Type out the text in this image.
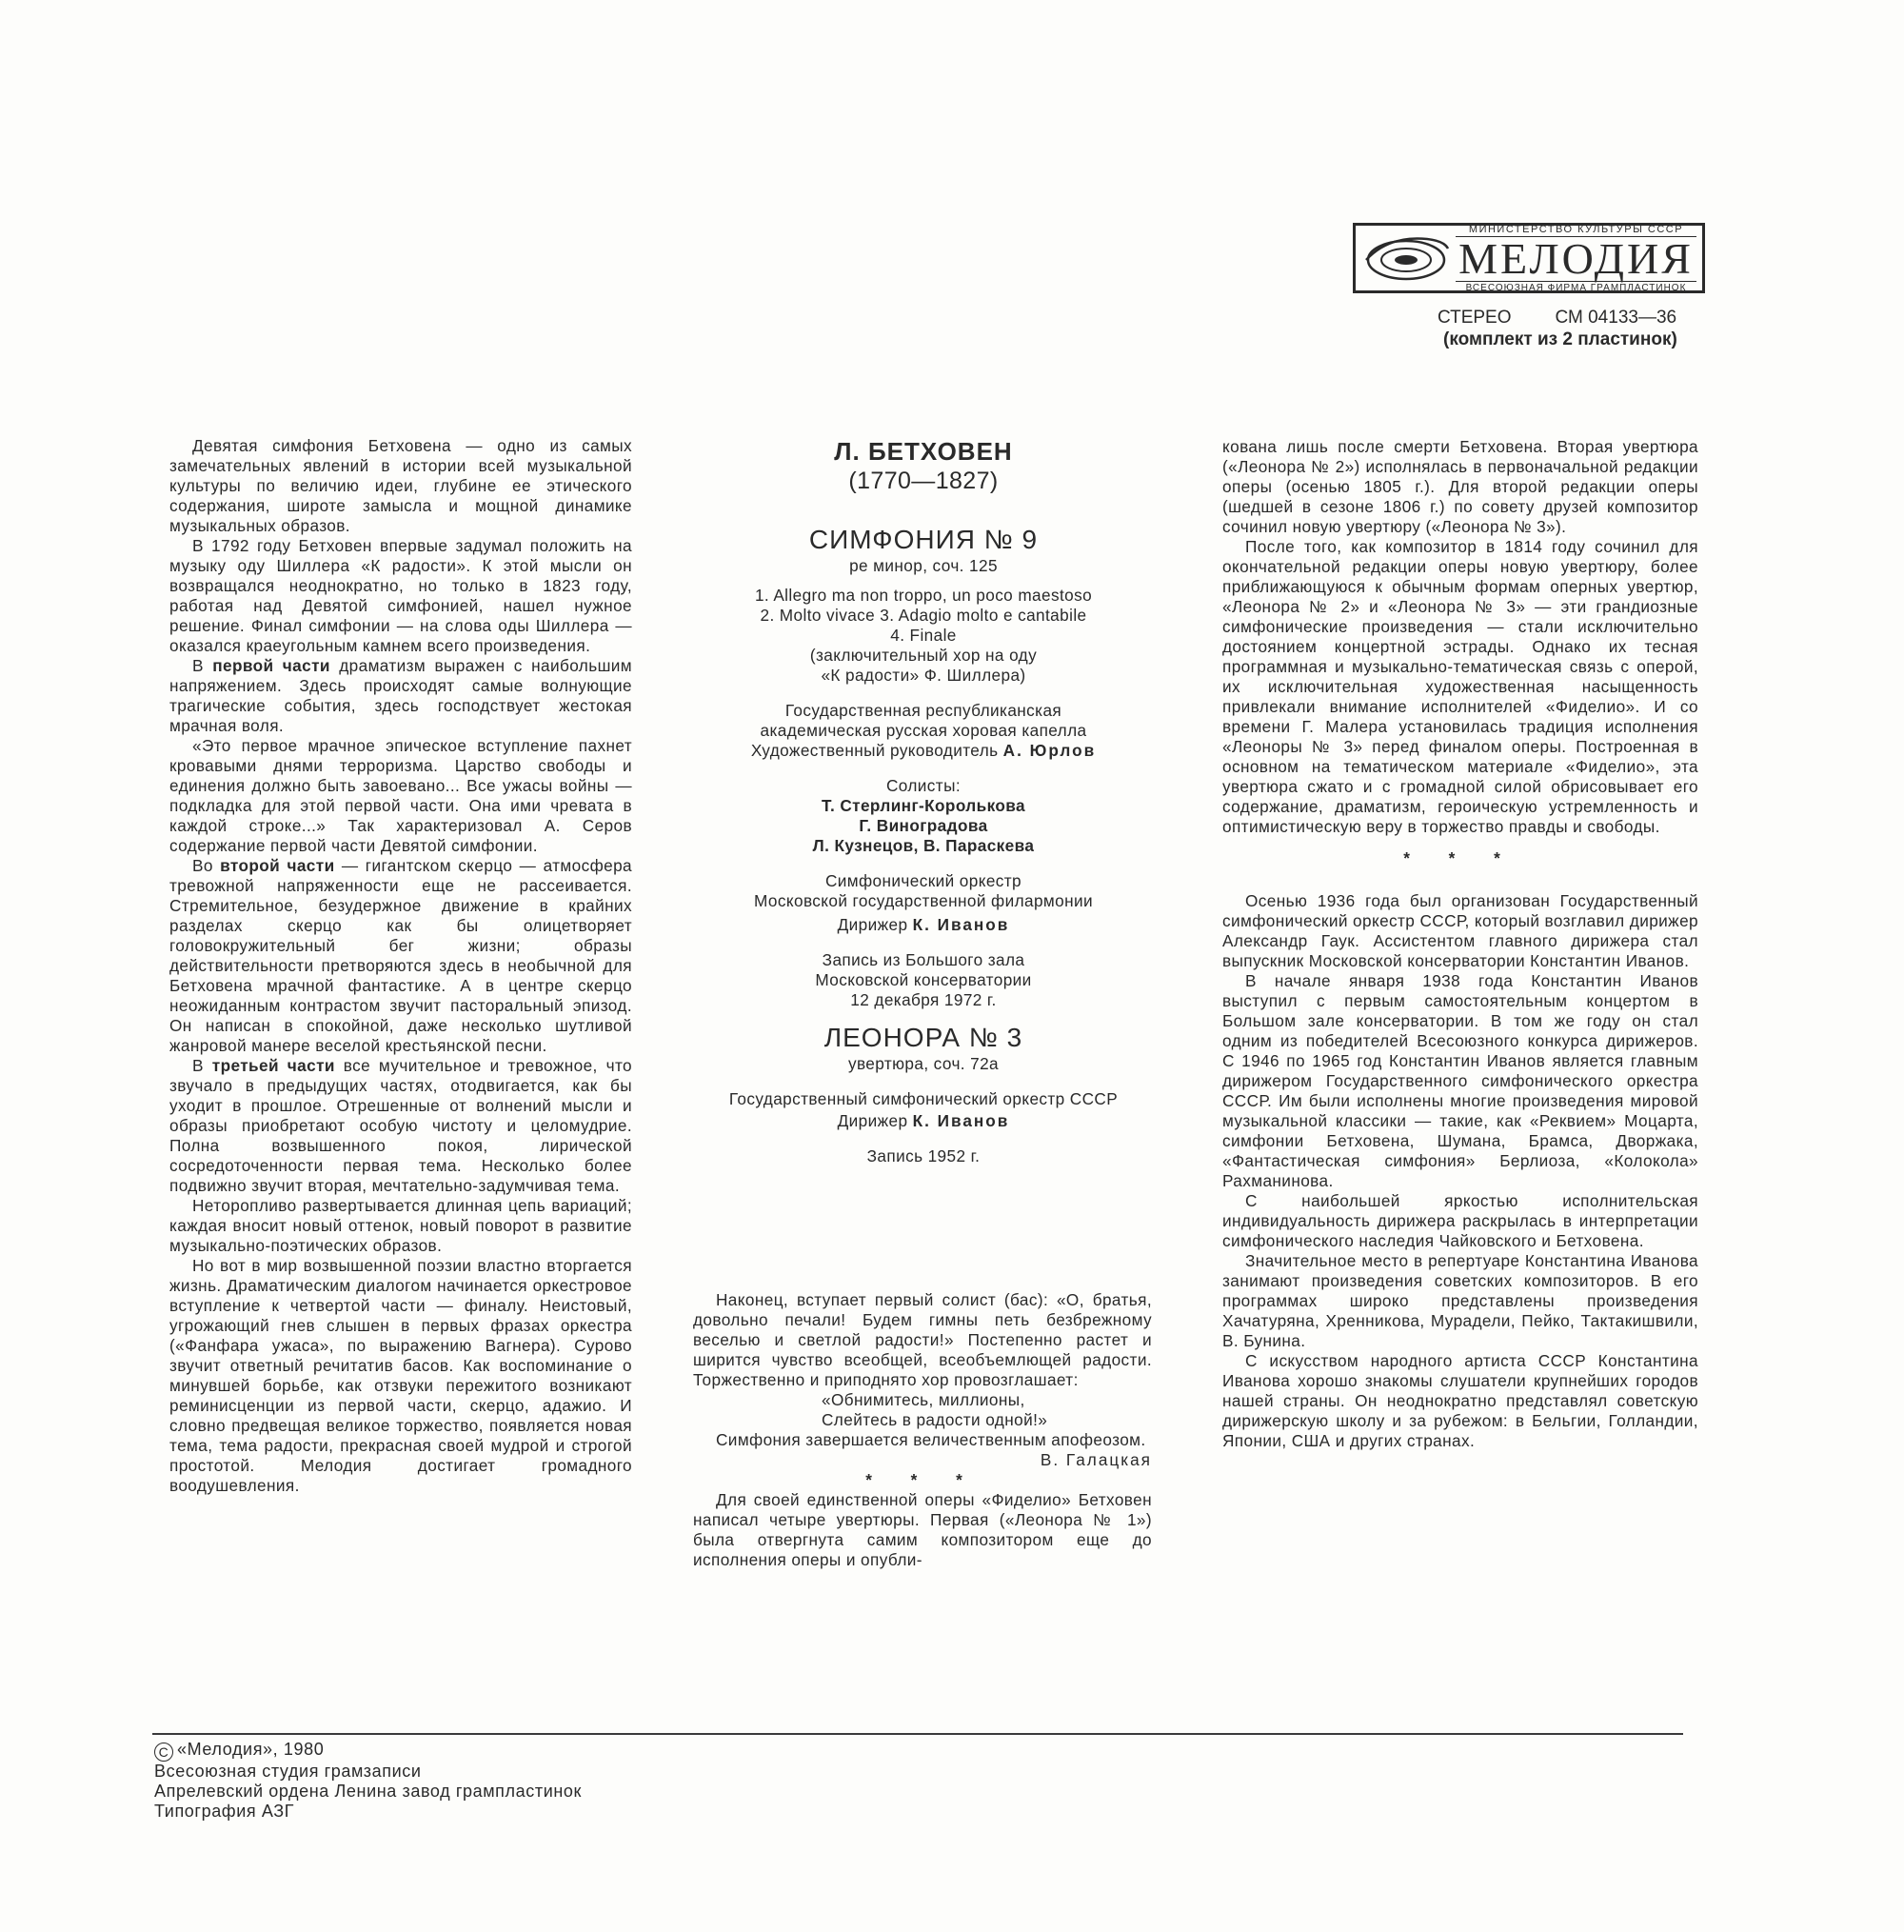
МИНИСТЕРСТВО КУЛЬТУРЫ СССР
МЕЛОДИЯ
ВСЕСОЮЗНАЯ ФИРМА ГРАМПЛАСТИНОК
СТЕРЕО СМ 04133—36
(комплект из 2 пластинок)

Девятая симфония Бетховена — одно из самых замечательных явлений в истории всей музыкальной культуры по величию идеи, глубине ее этического содержания, широте замысла и мощной динамике музыкальных образов.

В 1792 году Бетховен впервые задумал положить на музыку оду Шиллера «К радости». К этой мысли он возвращался неоднократно, но только в 1823 году, работая над Девятой симфонией, нашел нужное решение. Финал симфонии — на слова оды Шиллера — оказался краеугольным камнем всего произведения.

В первой части драматизм выражен с наибольшим напряжением. Здесь происходят самые волнующие трагические события, здесь господствует жестокая мрачная воля.

«Это первое мрачное эпическое вступление пахнет кровавыми днями терроризма. Царство свободы и единения должно быть завоевано... Все ужасы войны — подкладка для этой первой части. Она ими чревата в каждой строке...» Так характеризовал А. Серов содержание первой части Девятой симфонии.

Во второй части — гигантском скерцо — атмосфера тревожной напряженности еще не рассеивается. Стремительное, безудержное движение в крайних разделах скерцо как бы олицетворяет головокружительный бег жизни; образы действительности претворяются здесь в необычной для Бетховена мрачной фантастике. А в центре скерцо неожиданным контрастом звучит пасторальный эпизод. Он написан в спокойной, даже несколько шутливой жанровой манере веселой крестьянской песни.

В третьей части все мучительное и тревожное, что звучало в предыдущих частях, отодвигается, как бы уходит в прошлое. Отрешенные от волнений мысли и образы приобретают особую чистоту и целомудрие. Полна возвышенного покоя, лирической сосредоточенности первая тема. Несколько более подвижно звучит вторая, мечтательно-задумчивая тема.

Неторопливо развертывается длинная цепь вариаций; каждая вносит новый оттенок, новый поворот в развитие музыкально-поэтических образов.

Но вот в мир возвышенной поэзии властно вторгается жизнь. Драматическим диалогом начинается оркестровое вступление к четвертой части — финалу. Неистовый, угрожающий гнев слышен в первых фразах оркестра («Фанфара ужаса», по выражению Вагнера). Сурово звучит ответный речитатив басов. Как воспоминание о минувшей борьбе, как отзвуки пережитого возникают реминисценции из первой части, скерцо, адажио. И словно предвещая великое торжество, появляется новая тема, тема радости, прекрасная своей мудрой и строгой простотой. Мелодия достигает громадного воодушевления.

Л. БЕТХОВЕН
(1770—1827)
СИМФОНИЯ № 9
ре минор, соч. 125
1. Allegro ma non troppo, un poco maestoso
2. Molto vivace 3. Adagio molto e cantabile
4. Finale
(заключительный хор на оду
«К радости» Ф. Шиллера)
Государственная республиканская
академическая русская хоровая капелла
Художественный руководитель А. Юрлов
Солисты:
Т. Стерлинг-Королькова
Г. Виноградова
Л. Кузнецов, В. Параскева
Симфонический оркестр
Московской государственной филармонии
Дирижер К. Иванов
Запись из Большого зала
Московской консерватории
12 декабря 1972 г.
ЛЕОНОРА № 3
увертюра, соч. 72а
Государственный симфонический оркестр СССР
Дирижер К. Иванов
Запись 1952 г.

Наконец, вступает первый солист (бас): «О, братья, довольно печали! Будем гимны петь безбрежному веселью и светлой радости!» Постепенно растет и ширится чувство всеобщей, всеобъемлющей радости. Торжественно и приподнято хор провозглашает:

«Обнимитесь, миллионы,

Слейтесь в радости одной!»

Симфония завершается величественным апофеозом.

В. Галацкая

* * *

Для своей единственной оперы «Фиделио» Бетховен написал четыре увертюры. Первая («Леонора № 1») была отвергнута самим композитором еще до исполнения оперы и опубли-

кована лишь после смерти Бетховена. Вторая увертюра («Леонора № 2») исполнялась в первоначальной редакции оперы (осенью 1805 г.). Для второй редакции оперы (шедшей в сезоне 1806 г.) по совету друзей композитор сочинил новую увертюру («Леонора № 3»).

После того, как композитор в 1814 году сочинил для окончательной редакции оперы новую увертюру, более приближающуюся к обычным формам оперных увертюр, «Леонора № 2» и «Леонора № 3» — эти грандиозные симфонические произведения — стали исключительно достоянием концертной эстрады. Однако их тесная программная и музыкально-тематическая связь с оперой, их исключительная художественная насыщенность привлекали внимание исполнителей «Фиделио». И со времени Г. Малера установилась традиция исполнения «Леоноры № 3» перед финалом оперы. Построенная в основном на тематическом материале «Фиделио», эта увертюра сжато и с громадной силой обрисовывает его содержание, драматизм, героическую устремленность и оптимистическую веру в торжество правды и свободы.

* * *

Осенью 1936 года был организован Государственный симфонический оркестр СССР, который возглавил дирижер Александр Гаук. Ассистентом главного дирижера стал выпускник Московской консерватории Константин Иванов.

В начале января 1938 года Константин Иванов выступил с первым самостоятельным концертом в Большом зале консерватории. В том же году он стал одним из победителей Всесоюзного конкурса дирижеров. С 1946 по 1965 год Константин Иванов является главным дирижером Государственного симфонического оркестра СССР. Им были исполнены многие произведения мировой музыкальной классики — такие, как «Реквием» Моцарта, симфонии Бетховена, Шумана, Брамса, Дворжака, «Фантастическая симфония» Берлиоза, «Колокола» Рахманинова.

С наибольшей яркостью исполнительская индивидуальность дирижера раскрылась в интерпретации симфонического наследия Чайковского и Бетховена.

Значительное место в репертуаре Константина Иванова занимают произведения советских композиторов. В его программах широко представлены произведения Хачатуряна, Хренникова, Мурадели, Пейко, Тактакишвили, В. Бунина.

С искусством народного артиста СССР Константина Иванова хорошо знакомы слушатели крупнейших городов нашей страны. Он неоднократно представлял советскую дирижерскую школу и за рубежом: в Бельгии, Голландии, Японии, США и других странах.

C «Мелодия», 1980
Всесоюзная студия грамзаписи
Апрелевский ордена Ленина завод грампластинок
Типография АЗГ
